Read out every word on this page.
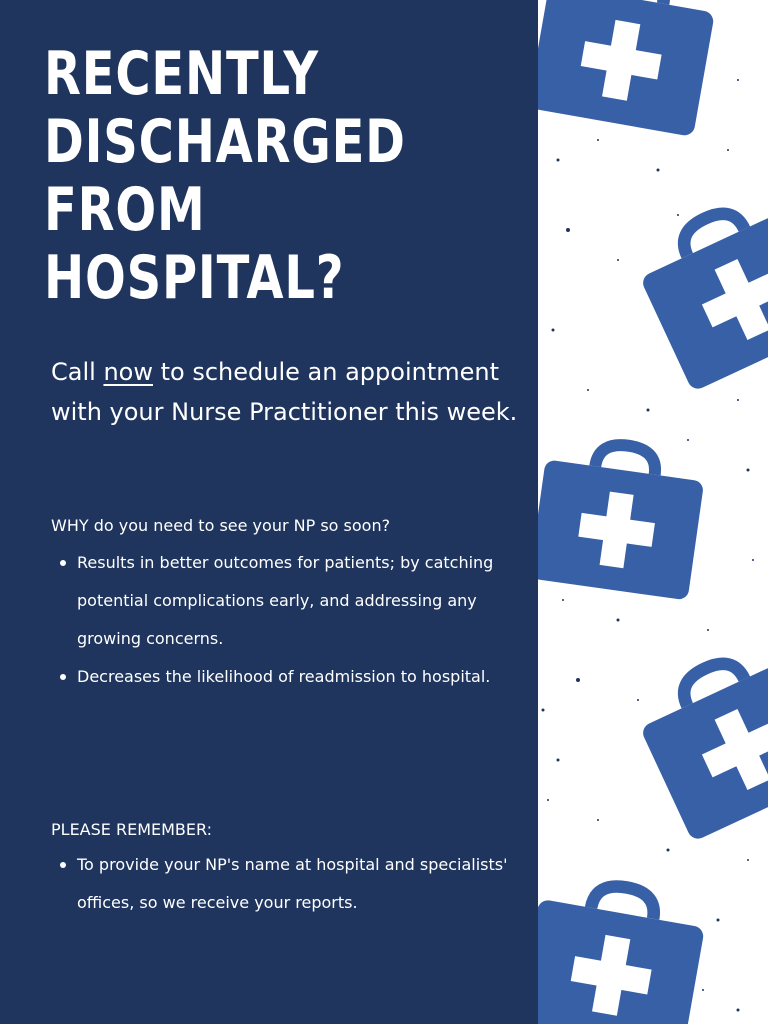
RECENTLY
DISCHARGED
FROM
HOSPITAL?

Call now to schedule an appointment with your Nurse Practitioner this week.

WHY do you need to see your NP so soon?

Results in better outcomes for patients; by catching potential complications early, and addressing any growing concerns.
Decreases the likelihood of readmission to hospital.

PLEASE REMEMBER:

To provide your NP's name at hospital and specialists' offices, so we receive your reports.
